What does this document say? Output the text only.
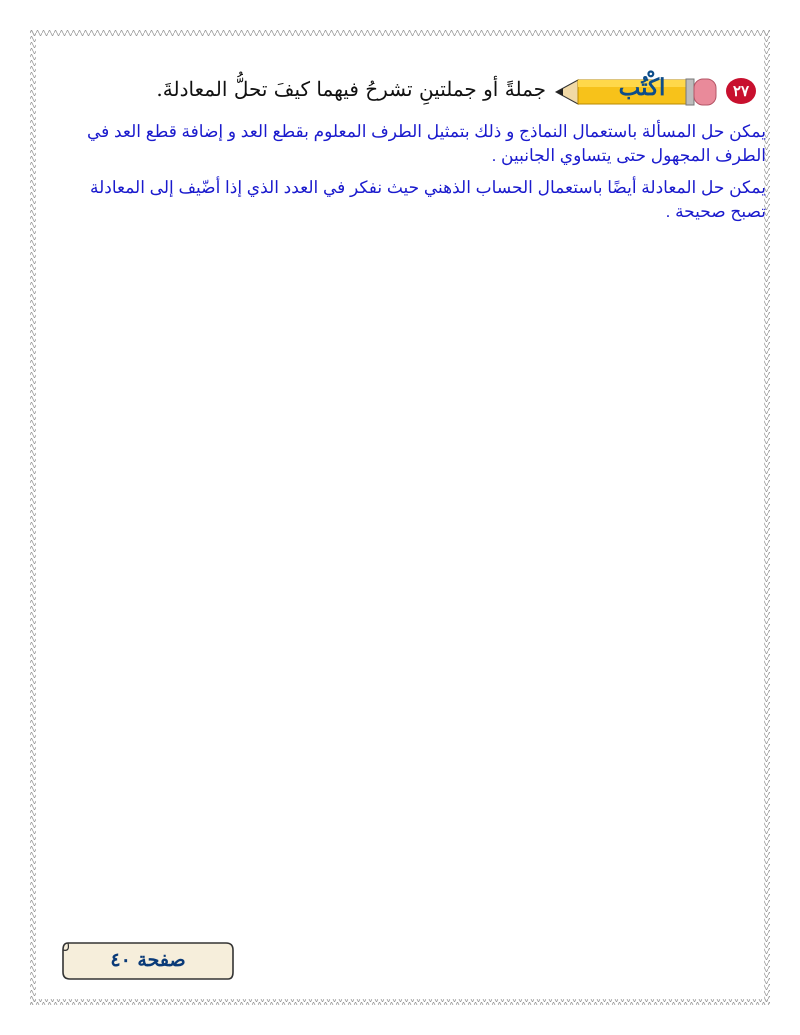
٢٧
اكْتُب
جملةً أو جملتينِ تشرحُ فيهما كيفَ تحلُّ المعادلةَ.

يمكن حل المسألة باستعمال النماذج و ذلك بتمثيل الطرف المعلوم بقطع العد و إضافة قطع العد في الطرف المجهول حتى يتساوي الجانبين .

يمكن حل المعادلة أيضًا باستعمال الحساب الذهني حيث نفكر في العدد الذي إذا أضّيف إلى المعادلة تصبح صحيحة .

صفحة ٤٠
